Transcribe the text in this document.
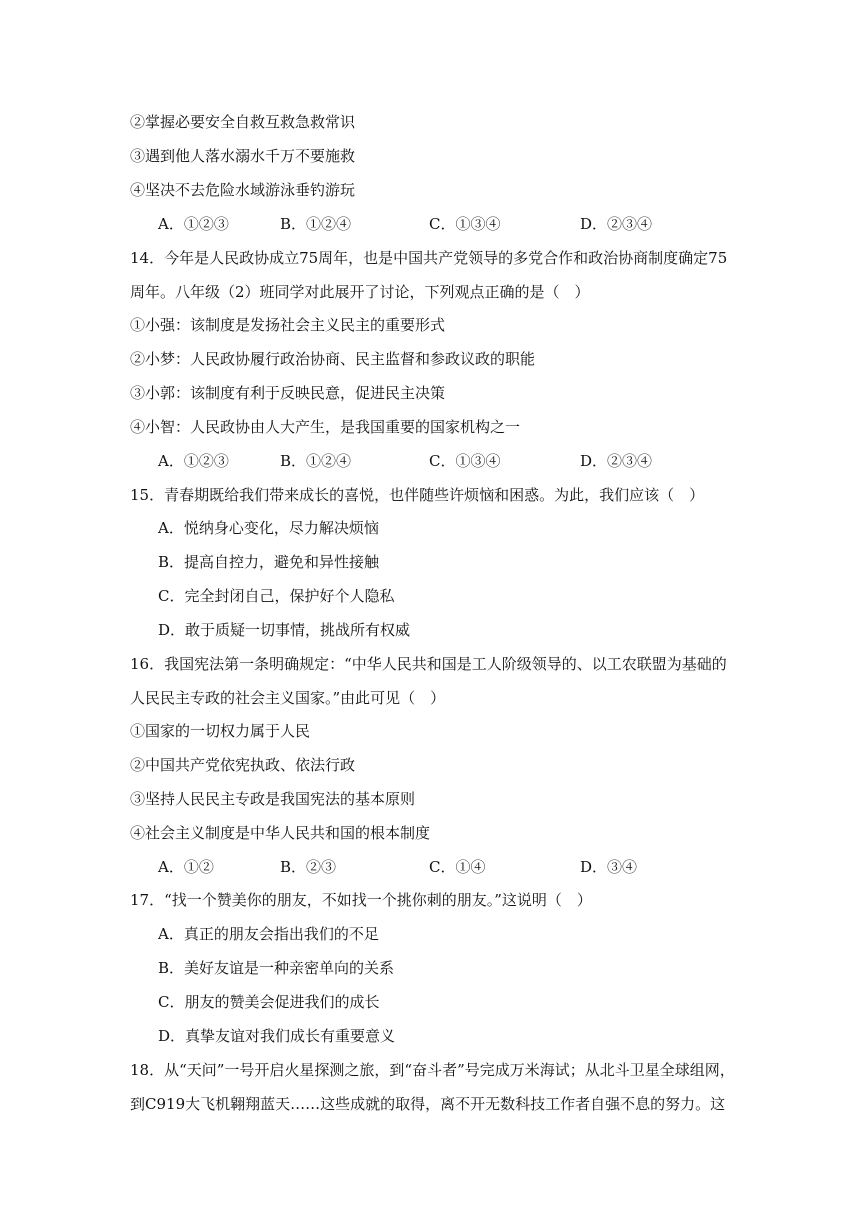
②掌握必要安全自救互救急救常识
③遇到他人落水溺水千万不要施救
④坚决不去危险水域游泳垂钓游玩
A．①②③	B．①②④	C．①③④	D．②③④
14．今年是人民政协成立75周年，也是中国共产党领导的多党合作和政治协商制度确定75
周年。八年级（2）班同学对此展开了讨论，下列观点正确的是（　）
①小强：该制度是发扬社会主义民主的重要形式
②小梦：人民政协履行政治协商、民主监督和参政议政的职能
③小郭：该制度有利于反映民意，促进民主决策
④小智：人民政协由人大产生，是我国重要的国家机构之一
A．①②③	B．①②④	C．①③④	D．②③④
15．青春期既给我们带来成长的喜悦，也伴随些许烦恼和困惑。为此，我们应该（　）
A．悦纳身心变化，尽力解决烦恼
B．提高自控力，避免和异性接触
C．完全封闭自己，保护好个人隐私
D．敢于质疑一切事情，挑战所有权威
16．我国宪法第一条明确规定：“中华人民共和国是工人阶级领导的、以工农联盟为基础的
人民民主专政的社会主义国家。”由此可见（　）
①国家的一切权力属于人民
②中国共产党依宪执政、依法行政
③坚持人民民主专政是我国宪法的基本原则
④社会主义制度是中华人民共和国的根本制度
A．①②	B．②③	C．①④	D．③④
17．“找一个赞美你的朋友，不如找一个挑你刺的朋友。”这说明（　）
A．真正的朋友会指出我们的不足
B．美好友谊是一种亲密单向的关系
C．朋友的赞美会促进我们的成长
D．真挚友谊对我们成长有重要意义
18．从“天问”一号开启火星探测之旅，到“奋斗者”号完成万米海试；从北斗卫星全球组网，
到C919大飞机翱翔蓝天……这些成就的取得，离不开无数科技工作者自强不息的努力。这
